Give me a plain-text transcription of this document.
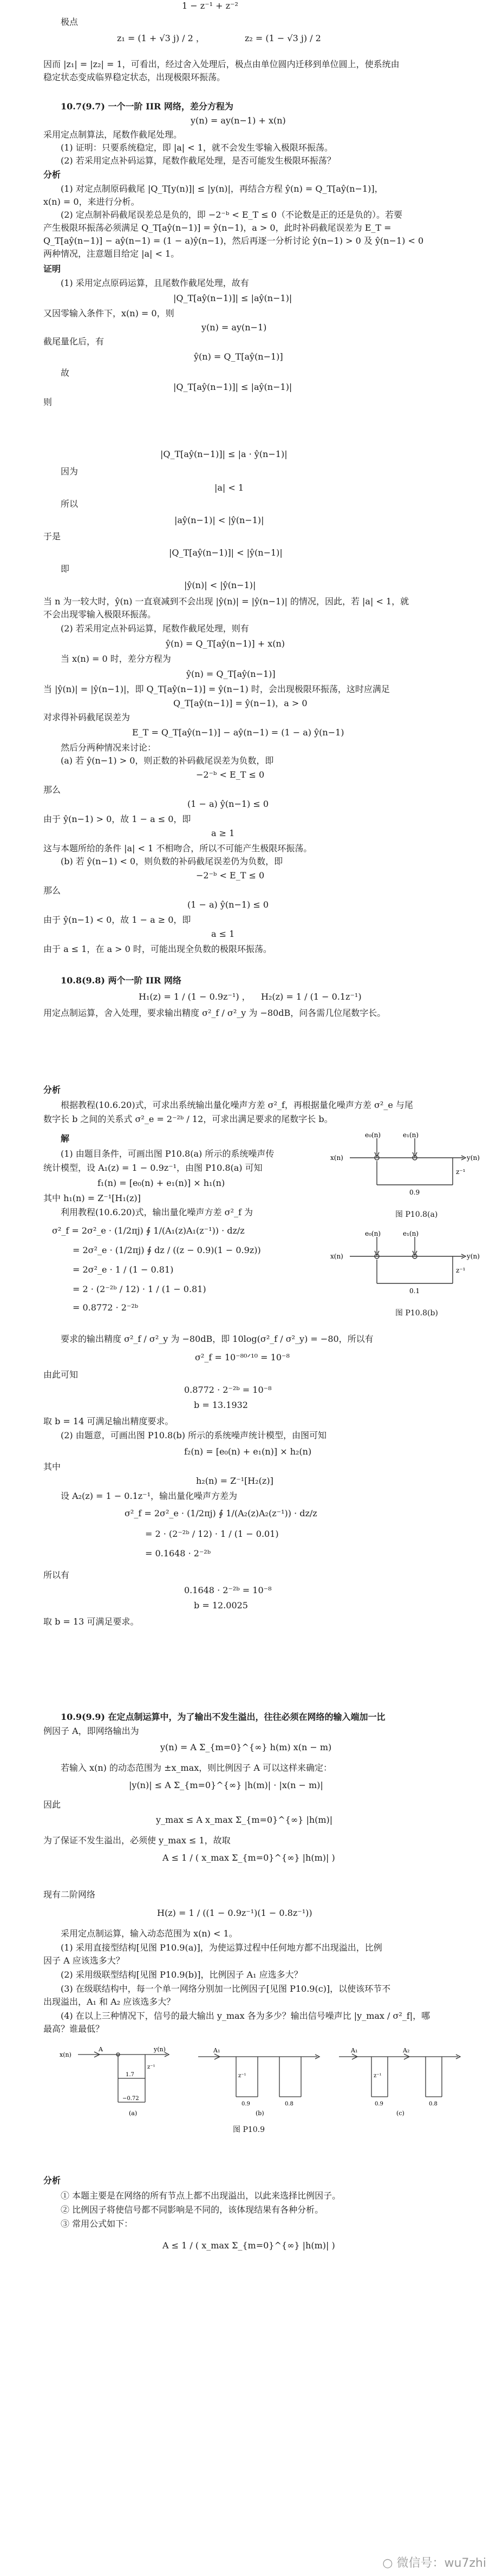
1 − z⁻¹ + z⁻²
极点
z₁ = (1 + √3 j) / 2 ，	z₂ = (1 − √3 j) / 2
因而 |z₁| = |z₂| = 1，可看出，经过舍入处理后，极点由单位圆内迁移到单位圆上，使系统由
稳定状态变成临界稳定状态，出现极限环振荡。
10.7(9.7) 一个一阶 IIR 网络，差分方程为
y(n) = ay(n−1) + x(n)
采用定点制算法，尾数作截尾处理。
(1) 证明：只要系统稳定，即 |a| < 1，就不会发生零输入极限环振荡。
(2) 若采用定点补码运算，尾数作截尾处理，是否可能发生极限环振荡？
分析
(1) 对定点制原码截尾 |Q_T[y(n)]| ≤ |y(n)|，再结合方程 ŷ(n) = Q_T[aŷ(n−1)]，
x(n) = 0，来进行分析。
(2) 定点制补码截尾误差总是负的，即 −2⁻ᵇ < E_T ≤ 0（不论数是正的还是负的）。若要
产生极限环振荡必须满足 Q_T[aŷ(n−1)] = ŷ(n−1)，a > 0，此时补码截尾误差为 E_T =
Q_T[aŷ(n−1)] − aŷ(n−1) = (1 − a)ŷ(n−1)，然后再逐一分析讨论 ŷ(n−1) > 0 及 ŷ(n−1) < 0
两种情况，注意题目给定 |a| < 1。
证明
(1) 采用定点原码运算，且尾数作截尾处理，故有
|Q_T[aŷ(n−1)]| ≤ |aŷ(n−1)|
又因零输入条件下，x(n) = 0，则
y(n) = ay(n−1)
截尾量化后，有
ŷ(n) = Q_T[aŷ(n−1)]
故
|Q_T[aŷ(n−1)]| ≤ |aŷ(n−1)|
则
|Q_T[aŷ(n−1)]| ≤ |a · ŷ(n−1)|
因为
|a| < 1
所以
|aŷ(n−1)| < |ŷ(n−1)|
于是
|Q_T[aŷ(n−1)]| < |ŷ(n−1)|
即
|ŷ(n)| < |ŷ(n−1)|
当 n 为一较大时，ŷ(n) 一直衰减到不会出现 |ŷ(n)| = |ŷ(n−1)| 的情况，因此，若 |a| < 1，就
不会出现零输入极限环振荡。
(2) 若采用定点补码运算，尾数作截尾处理，则有
ŷ(n) = Q_T[aŷ(n−1)] + x(n)
当 x(n) = 0 时，差分方程为
ŷ(n) = Q_T[aŷ(n−1)]
当 |ŷ(n)| = |ŷ(n−1)|，即 Q_T[aŷ(n−1)] = ŷ(n−1) 时，会出现极限环振荡，这时应满足
Q_T[aŷ(n−1)] = ŷ(n−1)，a > 0
对求得补码截尾误差为
E_T = Q_T[aŷ(n−1)] − aŷ(n−1) = (1 − a) ŷ(n−1)
然后分两种情况来讨论：
(a) 若 ŷ(n−1) > 0，则正数的补码截尾误差为负数，即
−2⁻ᵇ < E_T ≤ 0
那么
(1 − a) ŷ(n−1) ≤ 0
由于 ŷ(n−1) > 0，故 1 − a ≤ 0，即
a ≥ 1
这与本题所给的条件 |a| < 1 不相吻合，所以不可能产生极限环振荡。
(b) 若 ŷ(n−1) < 0，则负数的补码截尾误差仍为负数，即
−2⁻ᵇ < E_T ≤ 0
那么
(1 − a) ŷ(n−1) ≤ 0
由于 ŷ(n−1) < 0，故 1 − a ≥ 0，即
a ≤ 1
由于 a ≤ 1，在 a > 0 时，可能出现全负数的极限环振荡。
10.8(9.8) 两个一阶 IIR 网络
H₁(z) = 1 / (1 − 0.9z⁻¹) ， H₂(z) = 1 / (1 − 0.1z⁻¹)
用定点制运算，舍入处理，要求输出精度 σ²_f / σ²_y 为 −80dB，问各需几位尾数字长。
分析
根据教程(10.6.20)式，可求出系统输出量化噪声方差 σ²_f，再根据量化噪声方差 σ²_e 与尾
数字长 b 之间的关系式 σ²_e = 2⁻²ᵇ / 12，可求出满足要求的尾数字长 b。
解
(1) 由题目条件，可画出图 P10.8(a) 所示的系统噪声传
统计模型，设 A₁(z) = 1 − 0.9z⁻¹，由图 P10.8(a) 可知
f₁(n) = [e₀(n) + e₁(n)] × h₁(n)
其中 h₁(n) = Z⁻¹[H₁(z)]
利用教程(10.6.20)式，输出量化噪声方差 σ²_f 为
σ²_f = 2σ²_e · (1/2πj) ∮ 1/(A₁(z)A₁(z⁻¹)) · dz/z
= 2σ²_e · (1/2πj) ∮ dz / ((z − 0.9)(1 − 0.9z))
= 2σ²_e · 1 / (1 − 0.81)
= 2 · (2⁻²ᵇ / 12) · 1 / (1 − 0.81)
= 0.8772 · 2⁻²ᵇ
要求的输出精度 σ²_f / σ²_y 为 −80dB，即 10log(σ²_f / σ²_y) = −80，所以有
σ²_f = 10⁻⁸⁰ᐟ¹⁰ = 10⁻⁸
由此可知
0.8772 · 2⁻²ᵇ = 10⁻⁸
b = 13.1932
取 b = 14 可满足输出精度要求。
(2) 由题意，可画出图 P10.8(b) 所示的系统噪声统计模型，由图可知
f₂(n) = [e₀(n) + e₁(n)] × h₂(n)
其中
h₂(n) = Z⁻¹[H₂(z)]
设 A₂(z) = 1 − 0.1z⁻¹，输出量化噪声方差为
σ²_f = 2σ²_e · (1/2πj) ∮ 1/(A₂(z)A₂(z⁻¹)) · dz/z
= 2 · (2⁻²ᵇ / 12) · 1 / (1 − 0.01)
= 0.1648 · 2⁻²ᵇ
所以有
0.1648 · 2⁻²ᵇ = 10⁻⁸
b = 12.0025
取 b = 13 可满足要求。
x(n)
e₀(n)	e₁(n)
y(n)
z⁻¹
0.9
图 P10.8(a)
x(n)
e₀(n)	e₁(n)
y(n)
z⁻¹
0.1
图 P10.8(b)
10.9(9.9) 在定点制运算中，为了输出不发生溢出，往往必须在网络的输入端加一比
例因子 A，即网络输出为
y(n) = A Σ_{m=0}^{∞} h(m) x(n − m)
若输入 x(n) 的动态范围为 ±x_max，则比例因子 A 可以这样来确定：
|y(n)| ≤ A Σ_{m=0}^{∞} |h(m)| · |x(n − m)|
因此
y_max ≤ A x_max Σ_{m=0}^{∞} |h(m)|
为了保证不发生溢出，必须使 y_max ≤ 1，故取
A ≤ 1 / ( x_max Σ_{m=0}^{∞} |h(m)| )
现有二阶网络
H(z) = 1 / ((1 − 0.9z⁻¹)(1 − 0.8z⁻¹))
采用定点制运算，输入动态范围为 x(n) < 1。
(1) 采用直接型结构[见图 P10.9(a)]，为使运算过程中任何地方都不出现溢出，比例
因子 A 应该选多大？
(2) 采用级联型结构[见图 P10.9(b)]，比例因子 A₁ 应选多大？
(3) 在级联结构中，每一个单一网络分别加一比例因子[见图 P10.9(c)]，以使该环节不
出现溢出，A₁ 和 A₂ 应该选多大？
(4) 在以上三种情况下，信号的最大输出 y_max 各为多少？输出信号噪声比 |y_max / σ²_f|，哪
最高？谁最低？
x(n)
A	y(n)
z⁻¹
1.7
−0.72
(a)
A₁
z⁻¹
0.9	0.8
(b)
A₁	A₂
z⁻¹
0.9	0.8
(c)
图 P10.9
分析
① 本题主要是在网络的所有节点上都不出现溢出，以此来选择比例因子。
② 比例因子将使信号都不同影响是不同的，该体现结果有各种分析。
③ 常用公式如下：
A ≤ 1 / ( x_max Σ_{m=0}^{∞} |h(m)| )
○ 微信号：wu7zhi
